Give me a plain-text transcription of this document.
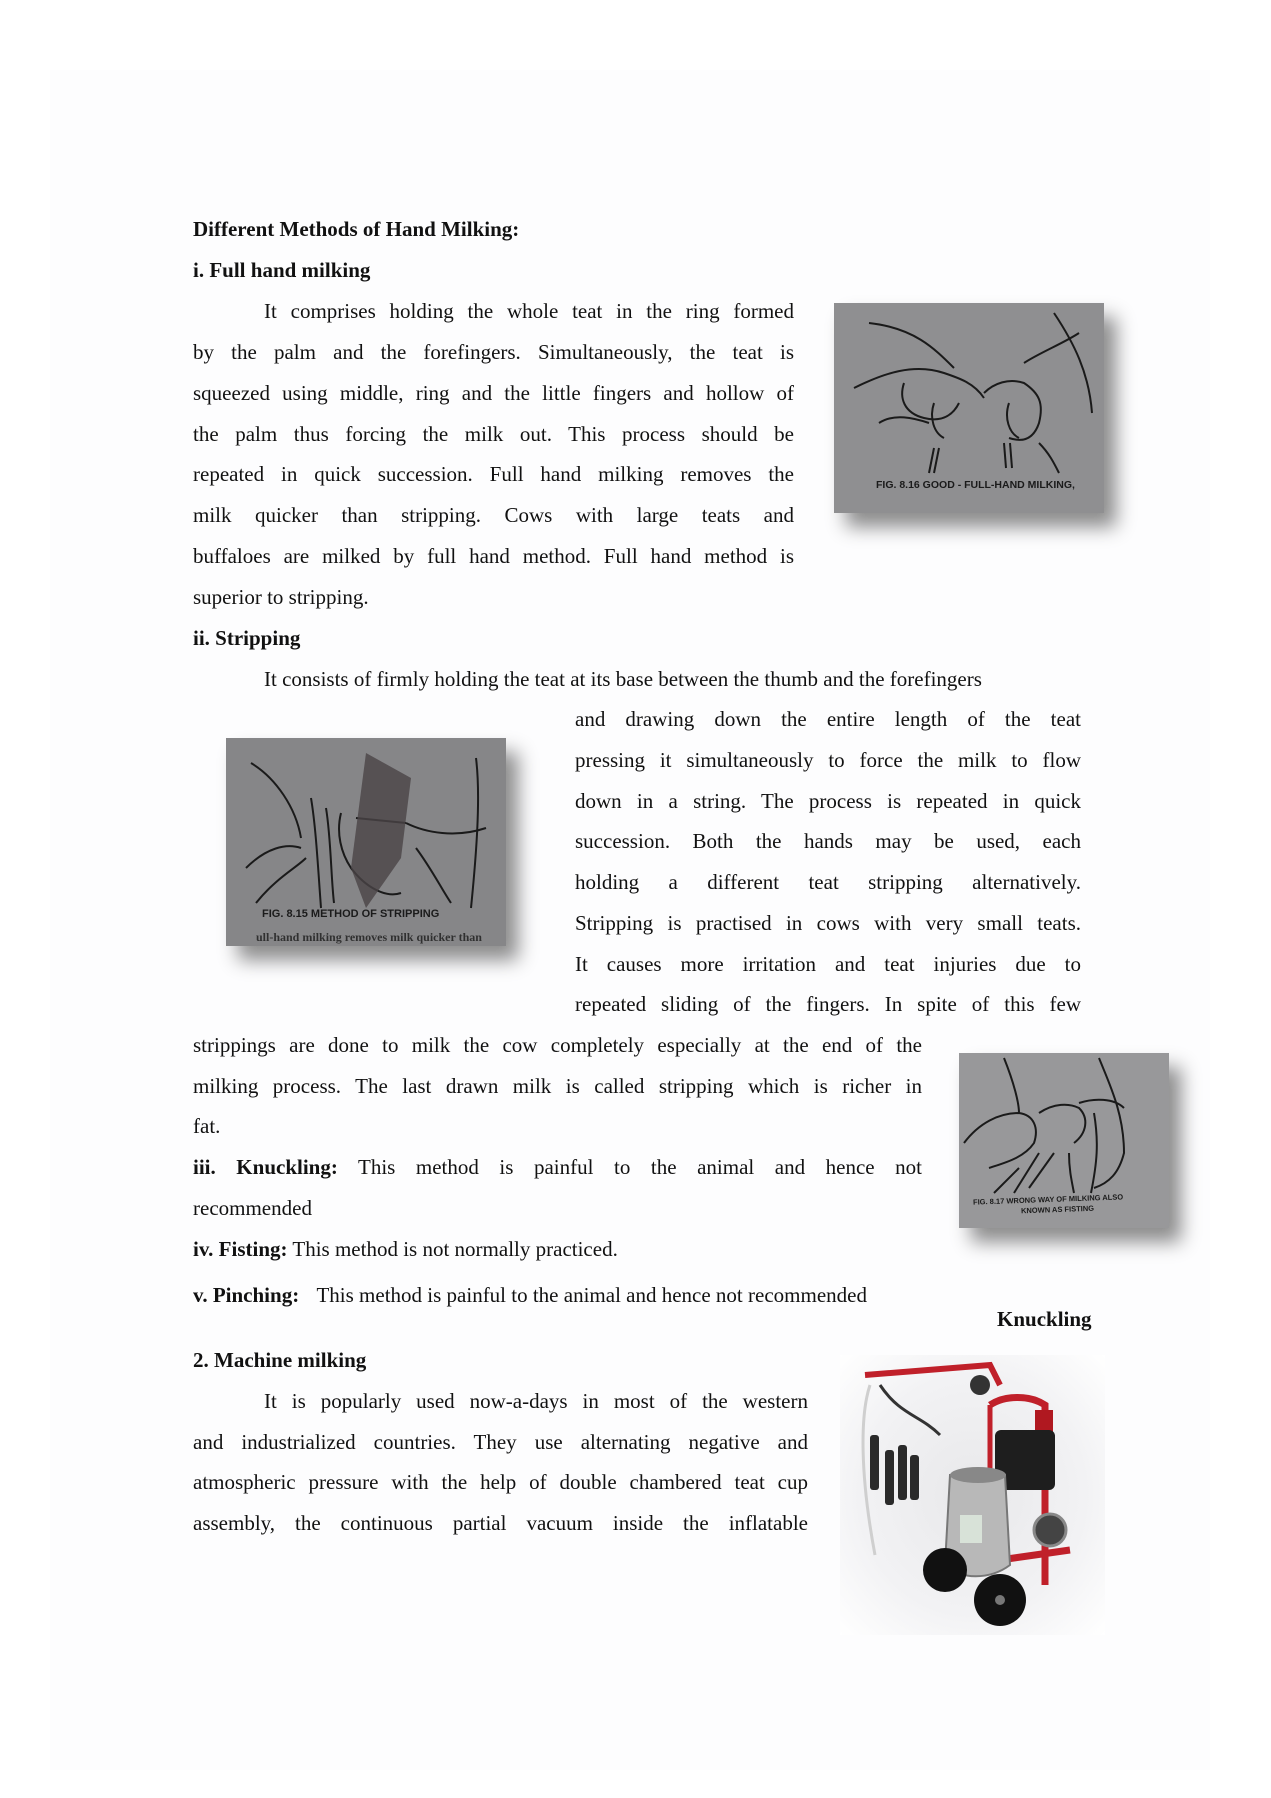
Different Methods of Hand Milking:
i. Full hand milking
It comprises holding the whole teat in the ring formed
by the palm and the forefingers. Simultaneously, the teat is
squeezed using middle, ring and the little fingers and hollow of
the palm thus forcing the milk out. This process should be
repeated in quick succession. Full hand milking removes the
milk quicker than stripping. Cows with large teats and
buffaloes are milked by full hand method. Full hand method is
superior to stripping.
FIG. 8.16 GOOD - FULL-HAND MILKING,
ii. Stripping
It consists of firmly holding the teat at its base between the thumb and the forefingers
and drawing down the entire length of the teat
pressing it simultaneously to force the milk to flow
down in a string. The process is repeated in quick
succession. Both the hands may be used, each
holding a different teat stripping alternatively.
Stripping is practised in cows with very small teats.
It causes more irritation and teat injuries due to
repeated sliding of the fingers. In spite of this few
strippings are done to milk the cow completely especially at the end of the
milking process. The last drawn milk is called stripping which is richer in
fat.
FIG. 8.15 METHOD OF STRIPPING
ull-hand milking removes milk quicker than
iii. Knuckling: This method is painful to the animal and hence not
recommended
iv. Fisting: This method is not normally practiced.
v. Pinching: This method is painful to the animal and hence not recommended
FIG. 8.17 WRONG WAY OF MILKING ALSO
KNOWN AS FISTING
Knuckling
2. Machine milking
It is popularly used now-a-days in most of the western
and industrialized countries. They use alternating negative and
atmospheric pressure with the help of double chambered teat cup
assembly, the continuous partial vacuum inside the inflatable
